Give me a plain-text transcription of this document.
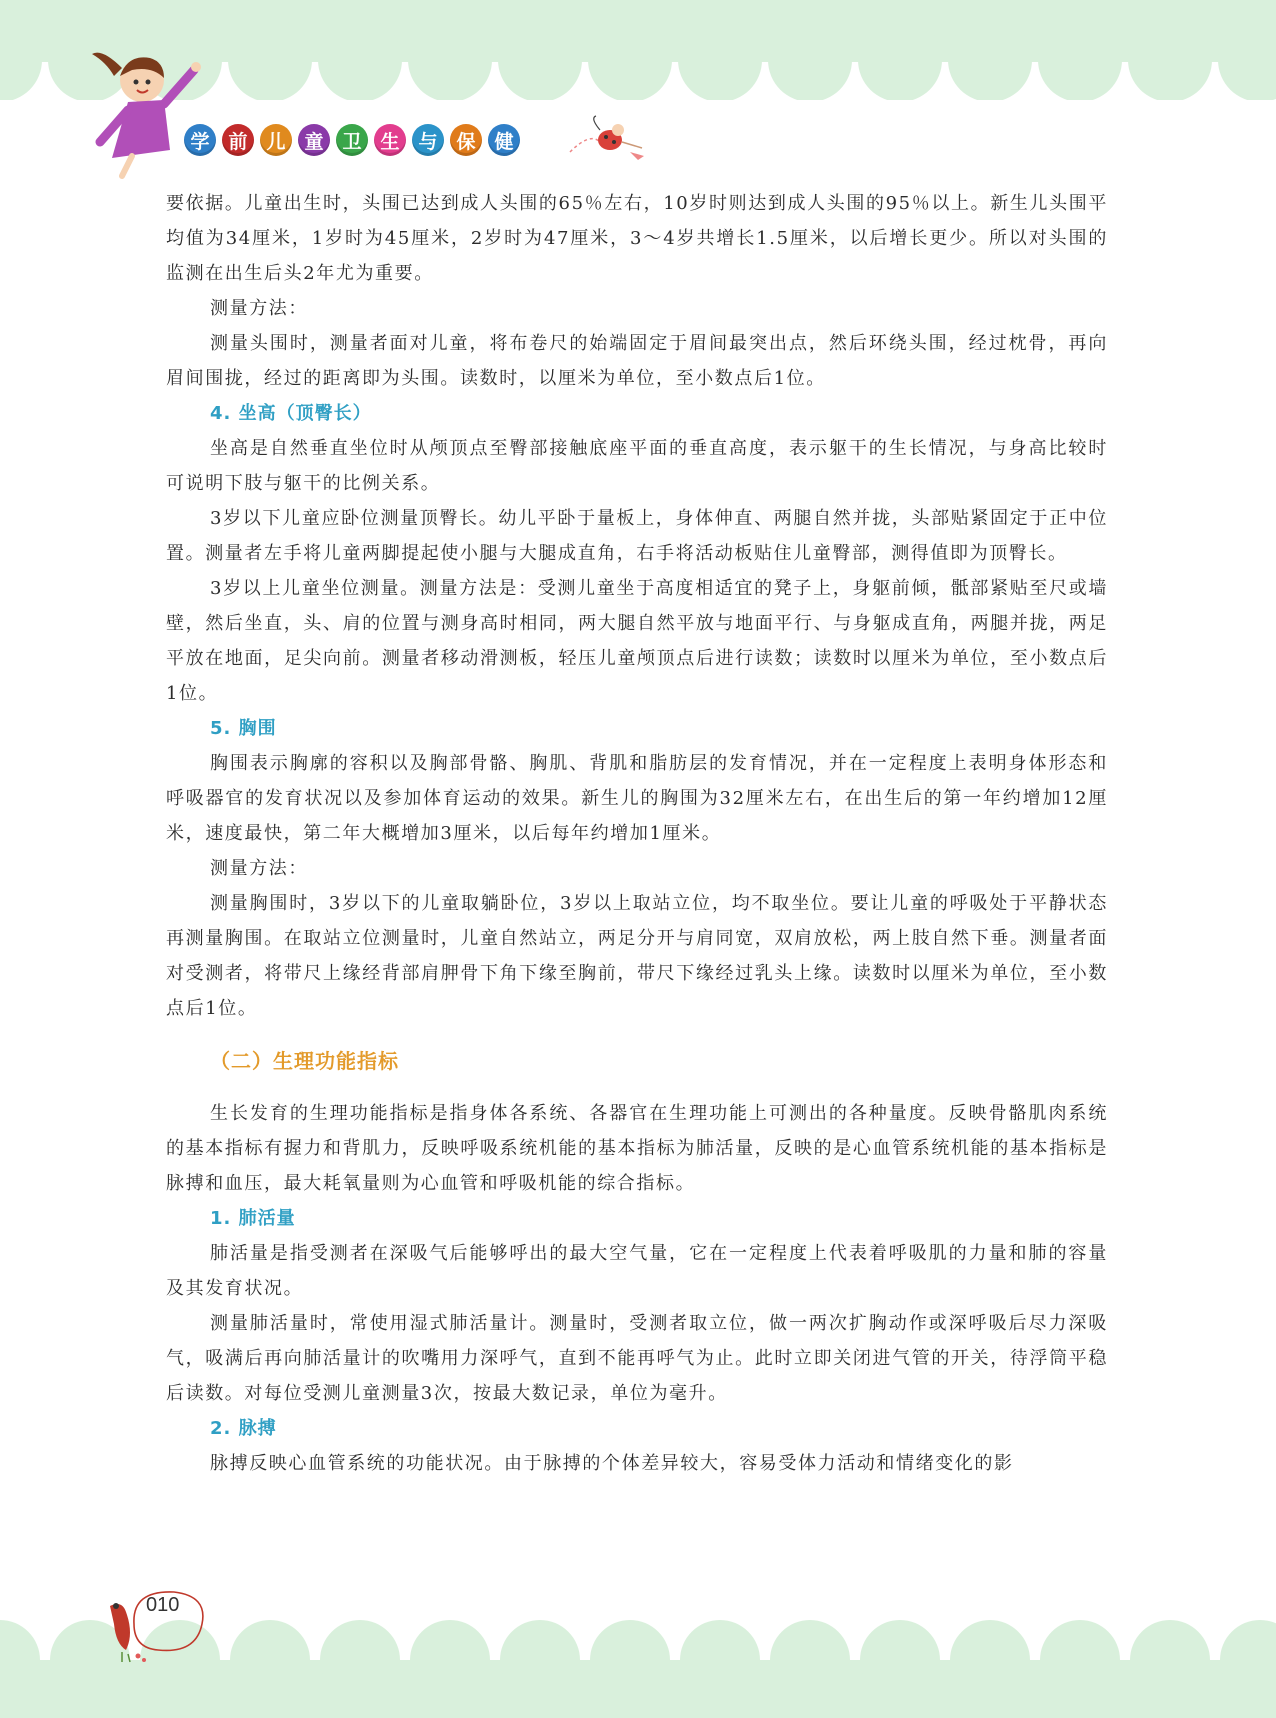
学 前 儿 童 卫 生 与 保 健

要依据。儿童出生时，头围已达到成人头围的65％左右，10岁时则达到成人头围的95％以上。新生儿头围平均值为34厘米，1岁时为45厘米，2岁时为47厘米，3～4岁共增长1.5厘米，以后增长更少。所以对头围的监测在出生后头2年尤为重要。

测量方法：

测量头围时，测量者面对儿童，将布卷尺的始端固定于眉间最突出点，然后环绕头围，经过枕骨，再向眉间围拢，经过的距离即为头围。读数时，以厘米为单位，至小数点后1位。

4. 坐高（顶臀长）

坐高是自然垂直坐位时从颅顶点至臀部接触底座平面的垂直高度，表示躯干的生长情况，与身高比较时可说明下肢与躯干的比例关系。

3岁以下儿童应卧位测量顶臀长。幼儿平卧于量板上，身体伸直、两腿自然并拢，头部贴紧固定于正中位置。测量者左手将儿童两脚提起使小腿与大腿成直角，右手将活动板贴住儿童臀部，测得值即为顶臀长。

3岁以上儿童坐位测量。测量方法是：受测儿童坐于高度相适宜的凳子上，身躯前倾，骶部紧贴至尺或墙壁，然后坐直，头、肩的位置与测身高时相同，两大腿自然平放与地面平行、与身躯成直角，两腿并拢，两足平放在地面，足尖向前。测量者移动滑测板，轻压儿童颅顶点后进行读数；读数时以厘米为单位，至小数点后1位。

5. 胸围

胸围表示胸廓的容积以及胸部骨骼、胸肌、背肌和脂肪层的发育情况，并在一定程度上表明身体形态和呼吸器官的发育状况以及参加体育运动的效果。新生儿的胸围为32厘米左右，在出生后的第一年约增加12厘米，速度最快，第二年大概增加3厘米，以后每年约增加1厘米。

测量方法：

测量胸围时，3岁以下的儿童取躺卧位，3岁以上取站立位，均不取坐位。要让儿童的呼吸处于平静状态再测量胸围。在取站立位测量时，儿童自然站立，两足分开与肩同宽，双肩放松，两上肢自然下垂。测量者面对受测者，将带尺上缘经背部肩胛骨下角下缘至胸前，带尺下缘经过乳头上缘。读数时以厘米为单位，至小数点后1位。

（二）生理功能指标

生长发育的生理功能指标是指身体各系统、各器官在生理功能上可测出的各种量度。反映骨骼肌肉系统的基本指标有握力和背肌力，反映呼吸系统机能的基本指标为肺活量，反映的是心血管系统机能的基本指标是脉搏和血压，最大耗氧量则为心血管和呼吸机能的综合指标。

1. 肺活量

肺活量是指受测者在深吸气后能够呼出的最大空气量，它在一定程度上代表着呼吸肌的力量和肺的容量及其发育状况。

测量肺活量时，常使用湿式肺活量计。测量时，受测者取立位，做一两次扩胸动作或深呼吸后尽力深吸气，吸满后再向肺活量计的吹嘴用力深呼气，直到不能再呼气为止。此时立即关闭进气管的开关，待浮筒平稳后读数。对每位受测儿童测量3次，按最大数记录，单位为毫升。

2. 脉搏

脉搏反映心血管系统的功能状况。由于脉搏的个体差异较大，容易受体力活动和情绪变化的影

010
